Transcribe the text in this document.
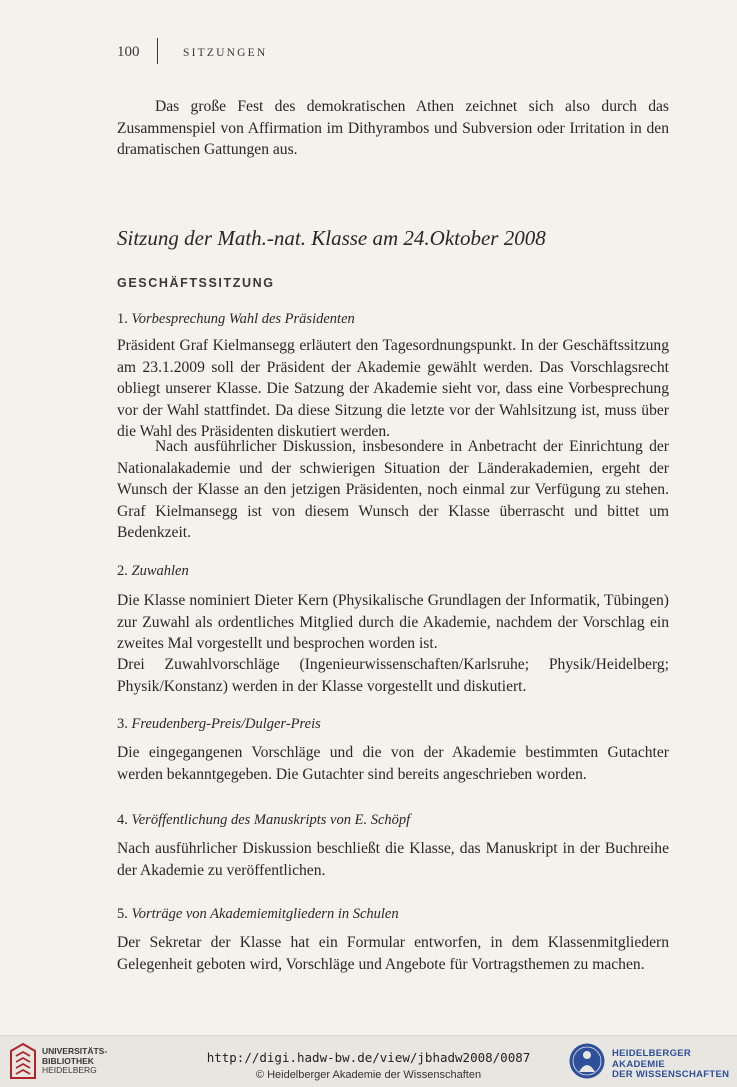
100	SITZUNGEN
Das große Fest des demokratischen Athen zeichnet sich also durch das Zusammenspiel von Affirmation im Dithyrambos und Subversion oder Irritation in den dramatischen Gattungen aus.
Sitzung der Math.-nat. Klasse am 24.Oktober 2008
GESCHÄFTSSITZUNG
1. Vorbesprechung Wahl des Präsidenten
Präsident Graf Kielmansegg erläutert den Tagesordnungspunkt. In der Geschäftssitzung am 23.1.2009 soll der Präsident der Akademie gewählt werden. Das Vorschlagsrecht obliegt unserer Klasse. Die Satzung der Akademie sieht vor, dass eine Vorbesprechung vor der Wahl stattfindet. Da diese Sitzung die letzte vor der Wahlsitzung ist, muss über die Wahl des Präsidenten diskutiert werden.
Nach ausführlicher Diskussion, insbesondere in Anbetracht der Einrichtung der Nationalakademie und der schwierigen Situation der Länderakademien, ergeht der Wunsch der Klasse an den jetzigen Präsidenten, noch einmal zur Verfügung zu stehen. Graf Kielmansegg ist von diesem Wunsch der Klasse überrascht und bittet um Bedenkzeit.
2. Zuwahlen
Die Klasse nominiert Dieter Kern (Physikalische Grundlagen der Informatik, Tübingen) zur Zuwahl als ordentliches Mitglied durch die Akademie, nachdem der Vorschlag ein zweites Mal vorgestellt und besprochen worden ist.
Drei Zuwahlvorschläge (Ingenieurwissenschaften/Karlsruhe; Physik/Heidelberg; Physik/Konstanz) werden in der Klasse vorgestellt und diskutiert.
3. Freudenberg-Preis/Dulger-Preis
Die eingegangenen Vorschläge und die von der Akademie bestimmten Gutachter werden bekanntgegeben. Die Gutachter sind bereits angeschrieben worden.
4. Veröffentlichung des Manuskripts von E. Schöpf
Nach ausführlicher Diskussion beschließt die Klasse, das Manuskript in der Buchreihe der Akademie zu veröffentlichen.
5. Vorträge von Akademiemitgliedern in Schulen
Der Sekretar der Klasse hat ein Formular entworfen, in dem Klassenmitgliedern Gelegenheit geboten wird, Vorschläge und Angebote für Vortragsthemen zu machen.
UNIVERSITÄTS-
BIBLIOTHEK
HEIDELBERG
http://digi.hadw-bw.de/view/jbhadw2008/0087
© Heidelberger Akademie der Wissenschaften
HEIDELBERGER AKADEMIE
DER WISSENSCHAFTEN
